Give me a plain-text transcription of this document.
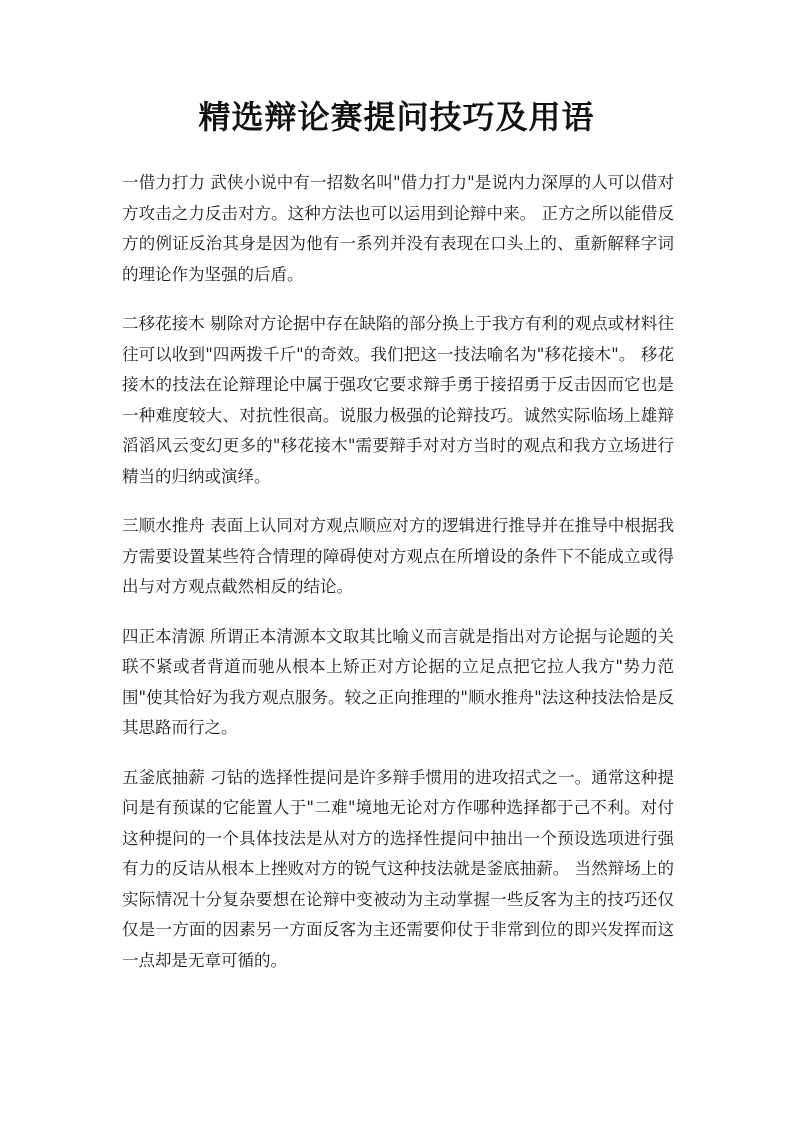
精选辩论赛提问技巧及用语

一借力打力 武侠小说中有一招数名叫"借力打力"是说内力深厚的人可以借对方攻击之力反击对方。这种方法也可以运用到论辩中来。 正方之所以能借反方的例证反治其身是因为他有一系列并没有表现在口头上的、重新解释字词的理论作为坚强的后盾。

二移花接木 剔除对方论据中存在缺陷的部分换上于我方有利的观点或材料往往可以收到"四两拨千斤"的奇效。我们把这一技法喻名为"移花接木"。 移花接木的技法在论辩理论中属于强攻它要求辩手勇于接招勇于反击因而它也是一种难度较大、对抗性很高。说服力极强的论辩技巧。诚然实际临场上雄辩滔滔风云变幻更多的"移花接木"需要辩手对对方当时的观点和我方立场进行精当的归纳或演绎。

三顺水推舟 表面上认同对方观点顺应对方的逻辑进行推导并在推导中根据我方需要设置某些符合情理的障碍使对方观点在所增设的条件下不能成立或得出与对方观点截然相反的结论。

四正本清源 所谓正本清源本文取其比喻义而言就是指出对方论据与论题的关联不紧或者背道而驰从根本上矫正对方论据的立足点把它拉人我方"势力范围"使其恰好为我方观点服务。较之正向推理的"顺水推舟"法这种技法恰是反其思路而行之。

五釜底抽薪 刁钻的选择性提问是许多辩手惯用的进攻招式之一。通常这种提问是有预谋的它能置人于"二难"境地无论对方作哪种选择都于己不利。对付这种提问的一个具体技法是从对方的选择性提问中抽出一个预设选项进行强有力的反诘从根本上挫败对方的锐气这种技法就是釜底抽薪。 当然辩场上的实际情况十分复杂要想在论辩中变被动为主动掌握一些反客为主的技巧还仅仅是一方面的因素另一方面反客为主还需要仰仗于非常到位的即兴发挥而这一点却是无章可循的。
